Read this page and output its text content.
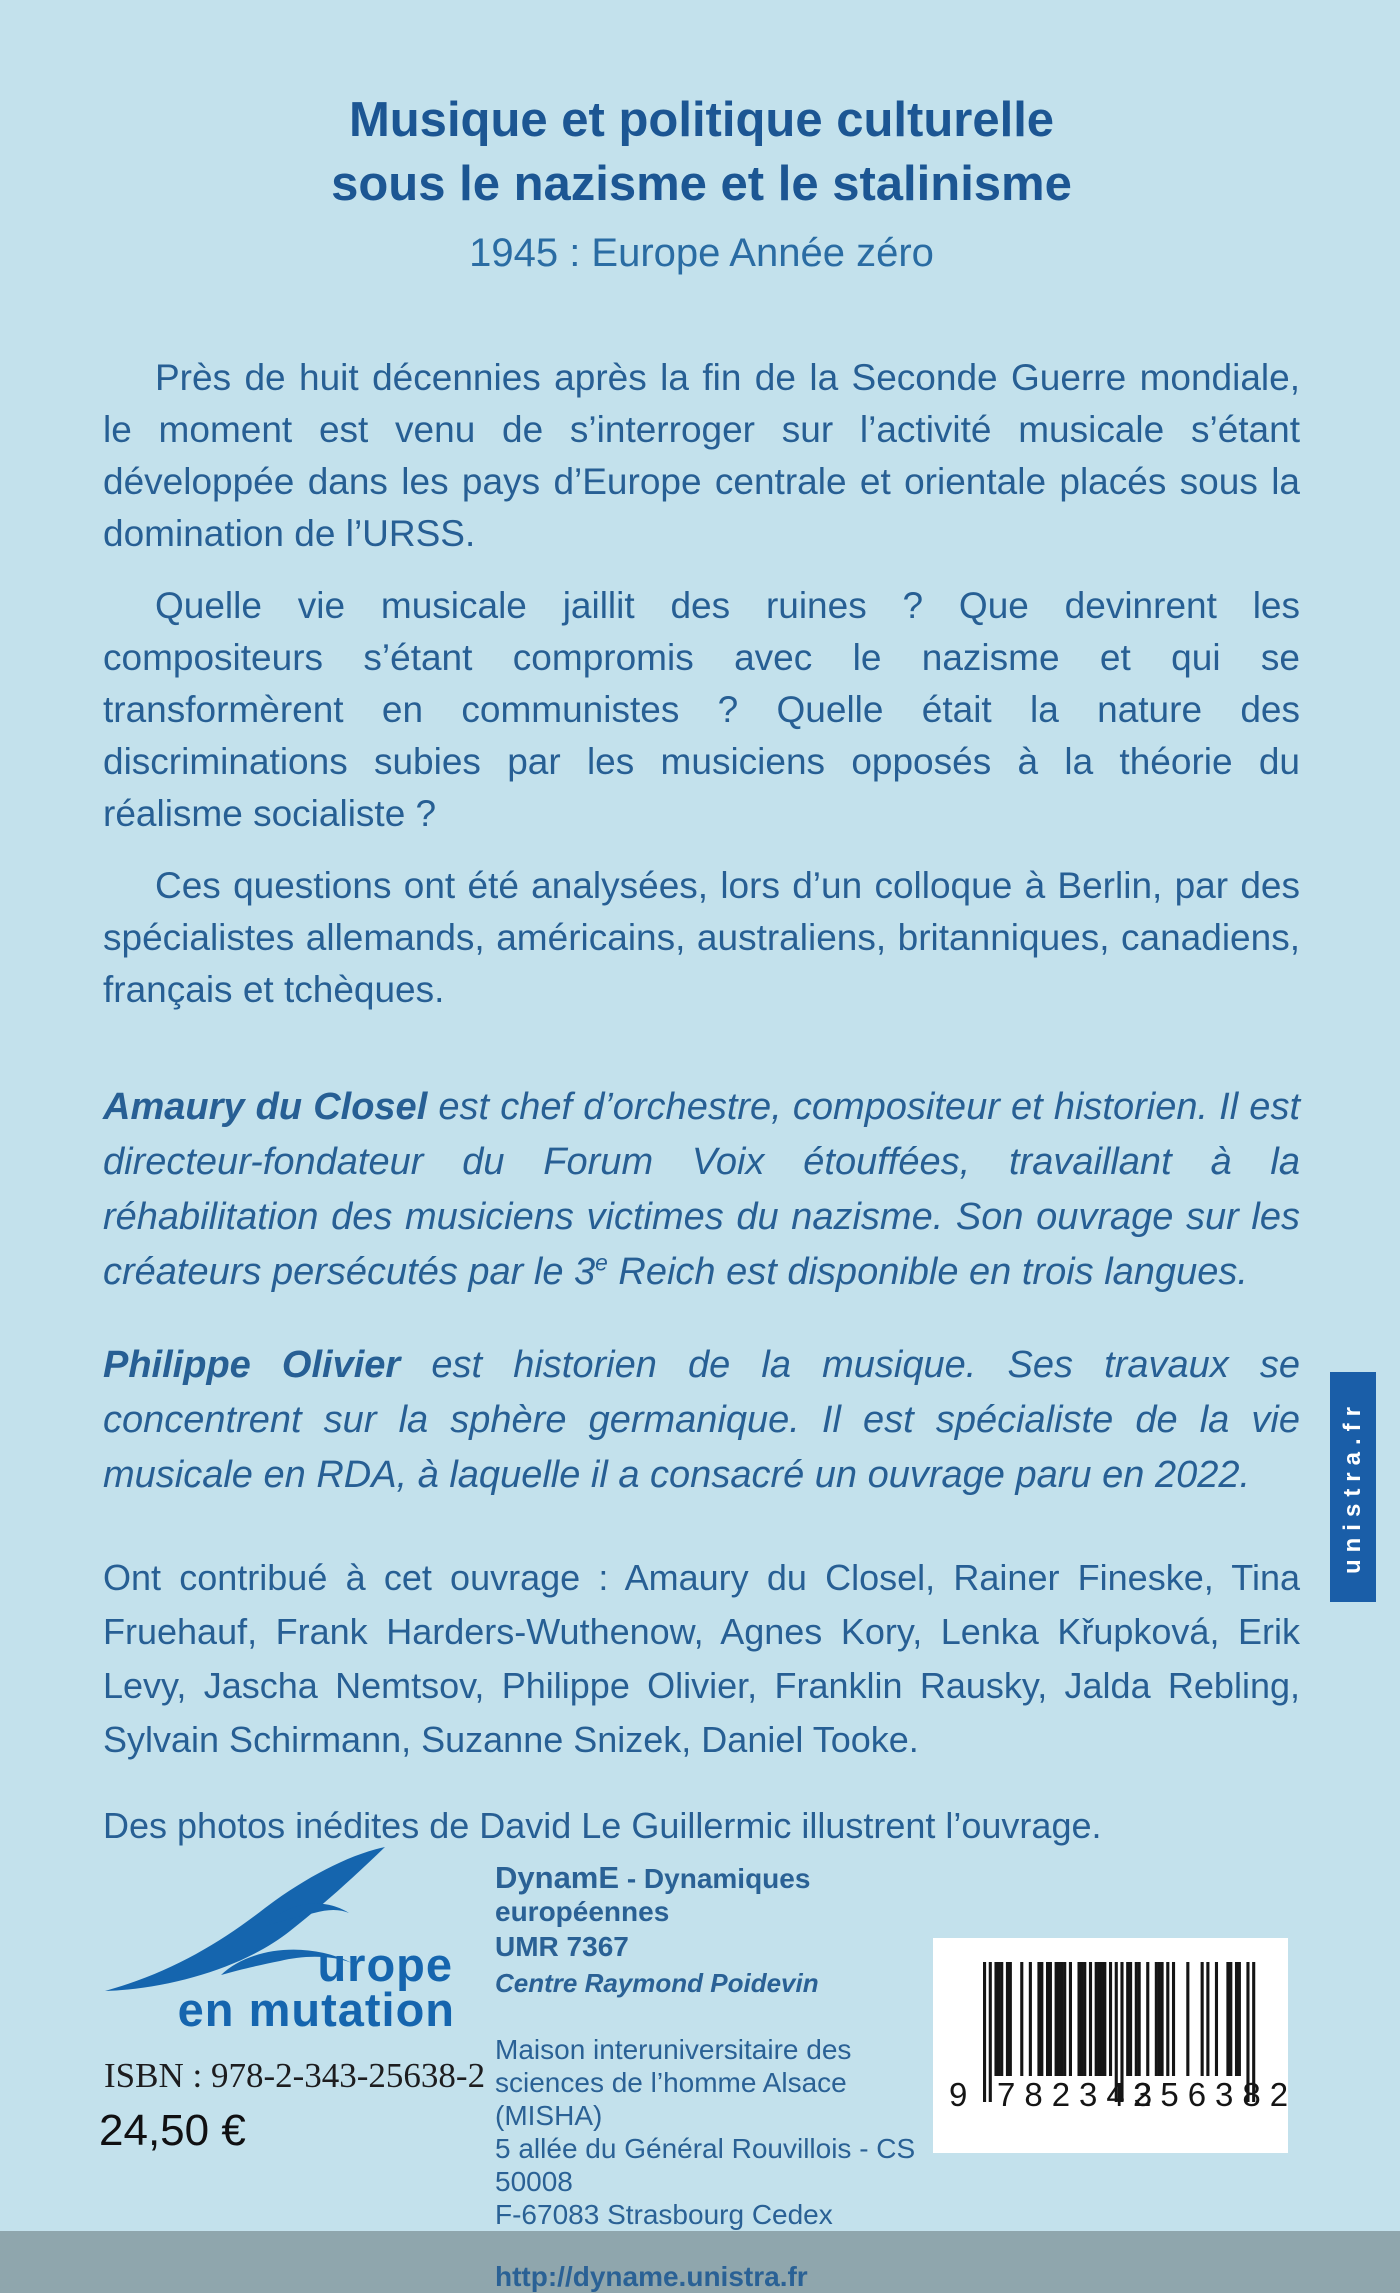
Musique et politique culturelle
sous le nazisme et le stalinisme
1945 : Europe Année zéro

Près de huit décennies après la fin de la Seconde Guerre mondiale, le moment est venu de s’interroger sur l’activité musicale s’étant développée dans les pays d’Europe centrale et orientale placés sous la domination de l’URSS.

Quelle vie musicale jaillit des ruines ? Que devinrent les compositeurs s’étant compromis avec le nazisme et qui se transformèrent en communistes ? Quelle était la nature des discriminations subies par les musiciens opposés à la théorie du réalisme socialiste ?

Ces questions ont été analysées, lors d’un colloque à Berlin, par des spécialistes allemands, américains, australiens, britanniques, canadiens, français et tchèques.

Amaury du Closel est chef d’orchestre, compositeur et historien. Il est directeur-fondateur du Forum Voix étouffées, travaillant à la réhabilitation des musiciens victimes du nazisme. Son ouvrage sur les créateurs persécutés par le 3e Reich est disponible en trois langues.

Philippe Olivier est historien de la musique. Ses travaux se concentrent sur la sphère germanique. Il est spécialiste de la vie musicale en RDA, à laquelle il a consacré un ouvrage paru en 2022.

Ont contribué à cet ouvrage : Amaury du Closel, Rainer Fineske, Tina Fruehauf, Frank Harders-Wuthenow, Agnes Kory, Lenka Křupková, Erik Levy, Jascha Nemtsov, Philippe Olivier, Franklin Rausky, Jalda Rebling, Sylvain Schirmann, Suzanne Snizek, Daniel Tooke.

Des photos inédites de David Le Guillermic illustrent l’ouvrage.

unistra.fr
urope
en mutation
ISBN : 978-2-343-25638-2
24,50 €
DynamE - Dynamiques européennes
UMR 7367
Centre Raymond Poidevin
Maison interuniversitaire des
sciences de l’homme Alsace (MISHA)
5 allée du Général Rouvillois - CS 50008
F-67083 Strasbourg Cedex
http://dyname.unistra.fr
9 782343
256382
